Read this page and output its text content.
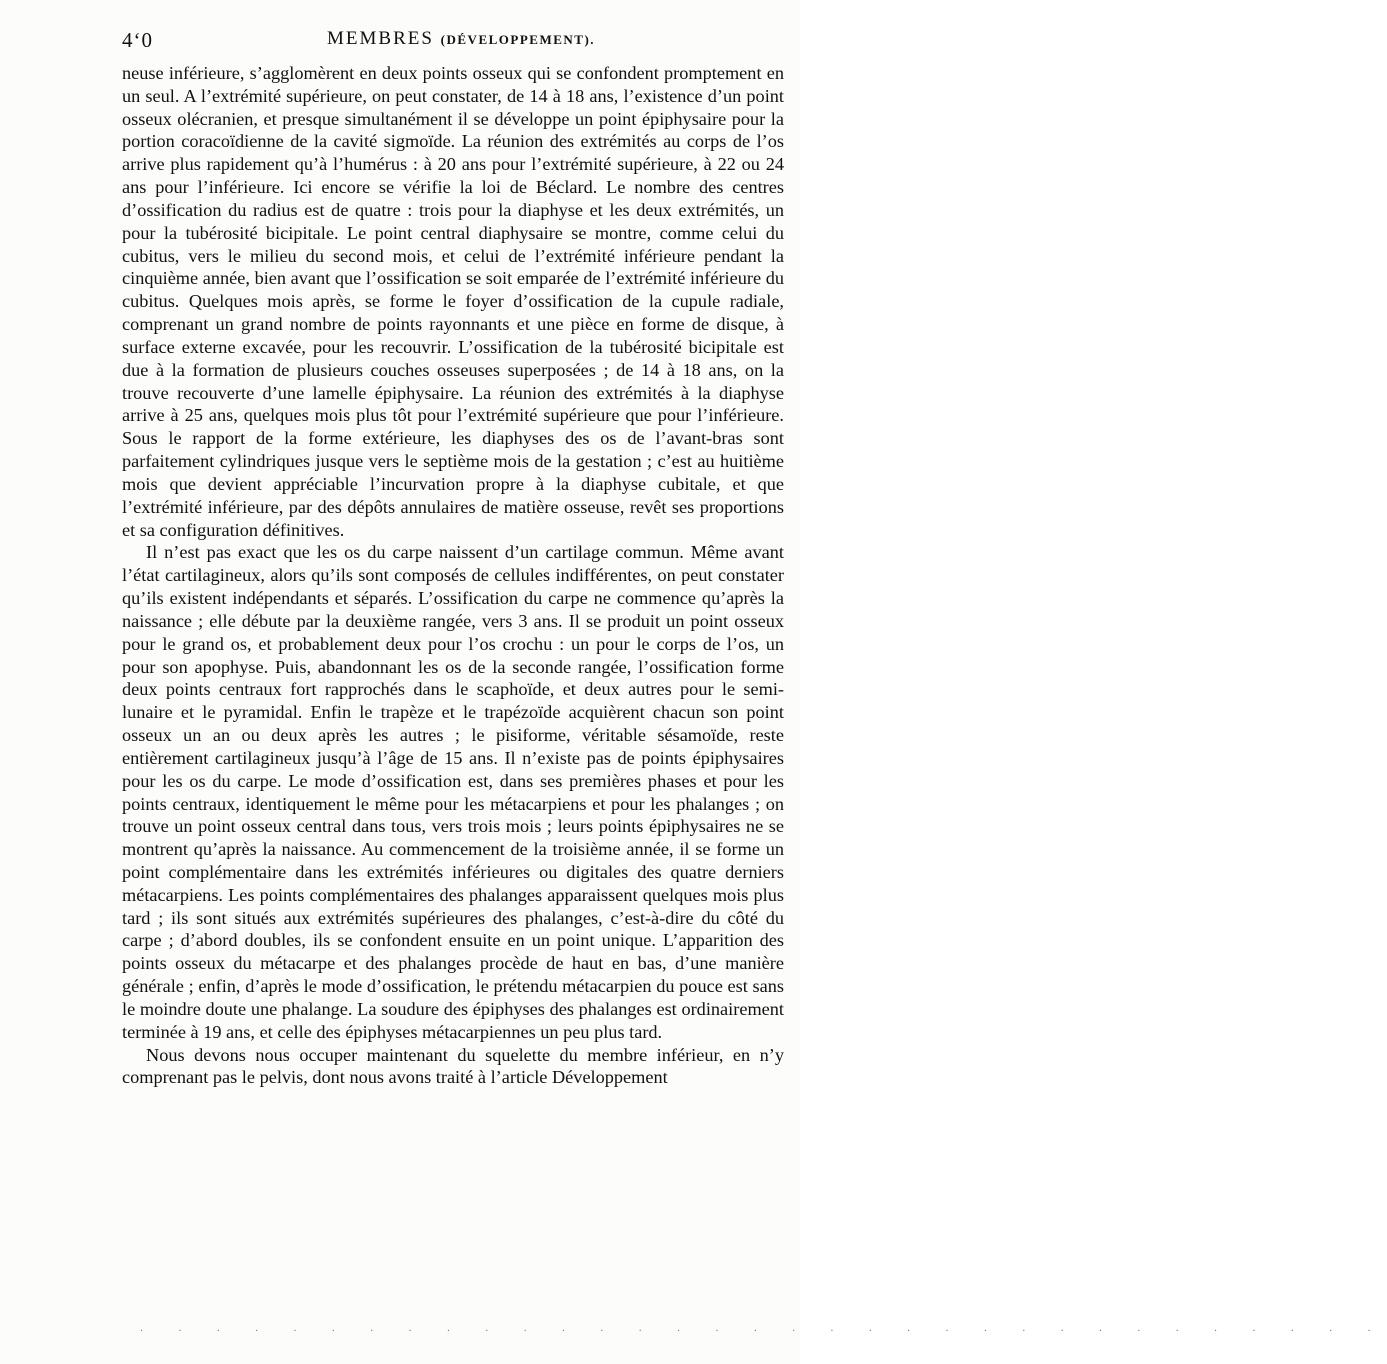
4‘0	MEMBRES (DÉVELOPPEMENT).

neuse inférieure, s’agglomèrent en deux points osseux qui se confondent promptement en un seul. A l’extrémité supérieure, on peut constater, de 14 à 18 ans, l’existence d’un point osseux olécranien, et presque simultanément il se développe un point épiphysaire pour la portion coracoïdienne de la cavité sigmoïde. La réunion des extrémités au corps de l’os arrive plus rapidement qu’à l’humérus : à 20 ans pour l’extrémité supérieure, à 22 ou 24 ans pour l’inférieure. Ici encore se vérifie la loi de Béclard. Le nombre des centres d’ossification du radius est de quatre : trois pour la diaphyse et les deux extrémités, un pour la tubérosité bicipitale. Le point central diaphysaire se montre, comme celui du cubitus, vers le milieu du second mois, et celui de l’extrémité inférieure pendant la cinquième année, bien avant que l’ossification se soit emparée de l’extrémité inférieure du cubitus. Quelques mois après, se forme le foyer d’ossification de la cupule radiale, comprenant un grand nombre de points rayonnants et une pièce en forme de disque, à surface externe excavée, pour les recouvrir. L’ossification de la tubérosité bicipitale est due à la formation de plusieurs couches osseuses superposées ; de 14 à 18 ans, on la trouve recouverte d’une lamelle épiphysaire. La réunion des extrémités à la diaphyse arrive à 25 ans, quelques mois plus tôt pour l’extrémité supérieure que pour l’inférieure. Sous le rapport de la forme extérieure, les diaphyses des os de l’avant-bras sont parfaitement cylindriques jusque vers le septième mois de la gestation ; c’est au huitième mois que devient appréciable l’incurvation propre à la diaphyse cubitale, et que l’extrémité inférieure, par des dépôts annulaires de matière osseuse, revêt ses proportions et sa configuration définitives.

Il n’est pas exact que les os du carpe naissent d’un cartilage commun. Même avant l’état cartilagineux, alors qu’ils sont composés de cellules indifférentes, on peut constater qu’ils existent indépendants et séparés. L’ossification du carpe ne commence qu’après la naissance ; elle débute par la deuxième rangée, vers 3 ans. Il se produit un point osseux pour le grand os, et probablement deux pour l’os crochu : un pour le corps de l’os, un pour son apophyse. Puis, abandonnant les os de la seconde rangée, l’ossification forme deux points centraux fort rapprochés dans le scaphoïde, et deux autres pour le semi-lunaire et le pyramidal. Enfin le trapèze et le trapézoïde acquièrent chacun son point osseux un an ou deux après les autres ; le pisiforme, véritable sésamoïde, reste entièrement cartilagineux jusqu’à l’âge de 15 ans. Il n’existe pas de points épiphysaires pour les os du carpe. Le mode d’ossification est, dans ses premières phases et pour les points centraux, identiquement le même pour les métacarpiens et pour les phalanges ; on trouve un point osseux central dans tous, vers trois mois ; leurs points épiphysaires ne se montrent qu’après la naissance. Au commencement de la troisième année, il se forme un point complémentaire dans les extrémités inférieures ou digitales des quatre derniers métacarpiens. Les points complémentaires des phalanges apparaissent quelques mois plus tard ; ils sont situés aux extrémités supérieures des phalanges, c’est-à-dire du côté du carpe ; d’abord doubles, ils se confondent ensuite en un point unique. L’apparition des points osseux du métacarpe et des phalanges procède de haut en bas, d’une manière générale ; enfin, d’après le mode d’ossification, le prétendu métacarpien du pouce est sans le moindre doute une phalange. La soudure des épiphyses des phalanges est ordinairement terminée à 19 ans, et celle des épiphyses métacarpiennes un peu plus tard.

Nous devons nous occuper maintenant du squelette du membre inférieur, en n’y comprenant pas le pelvis, dont nous avons traité à l’article Développement

· · · · · · · · · · · · · · · · · · · · · · · · · · · · · · · · ·
